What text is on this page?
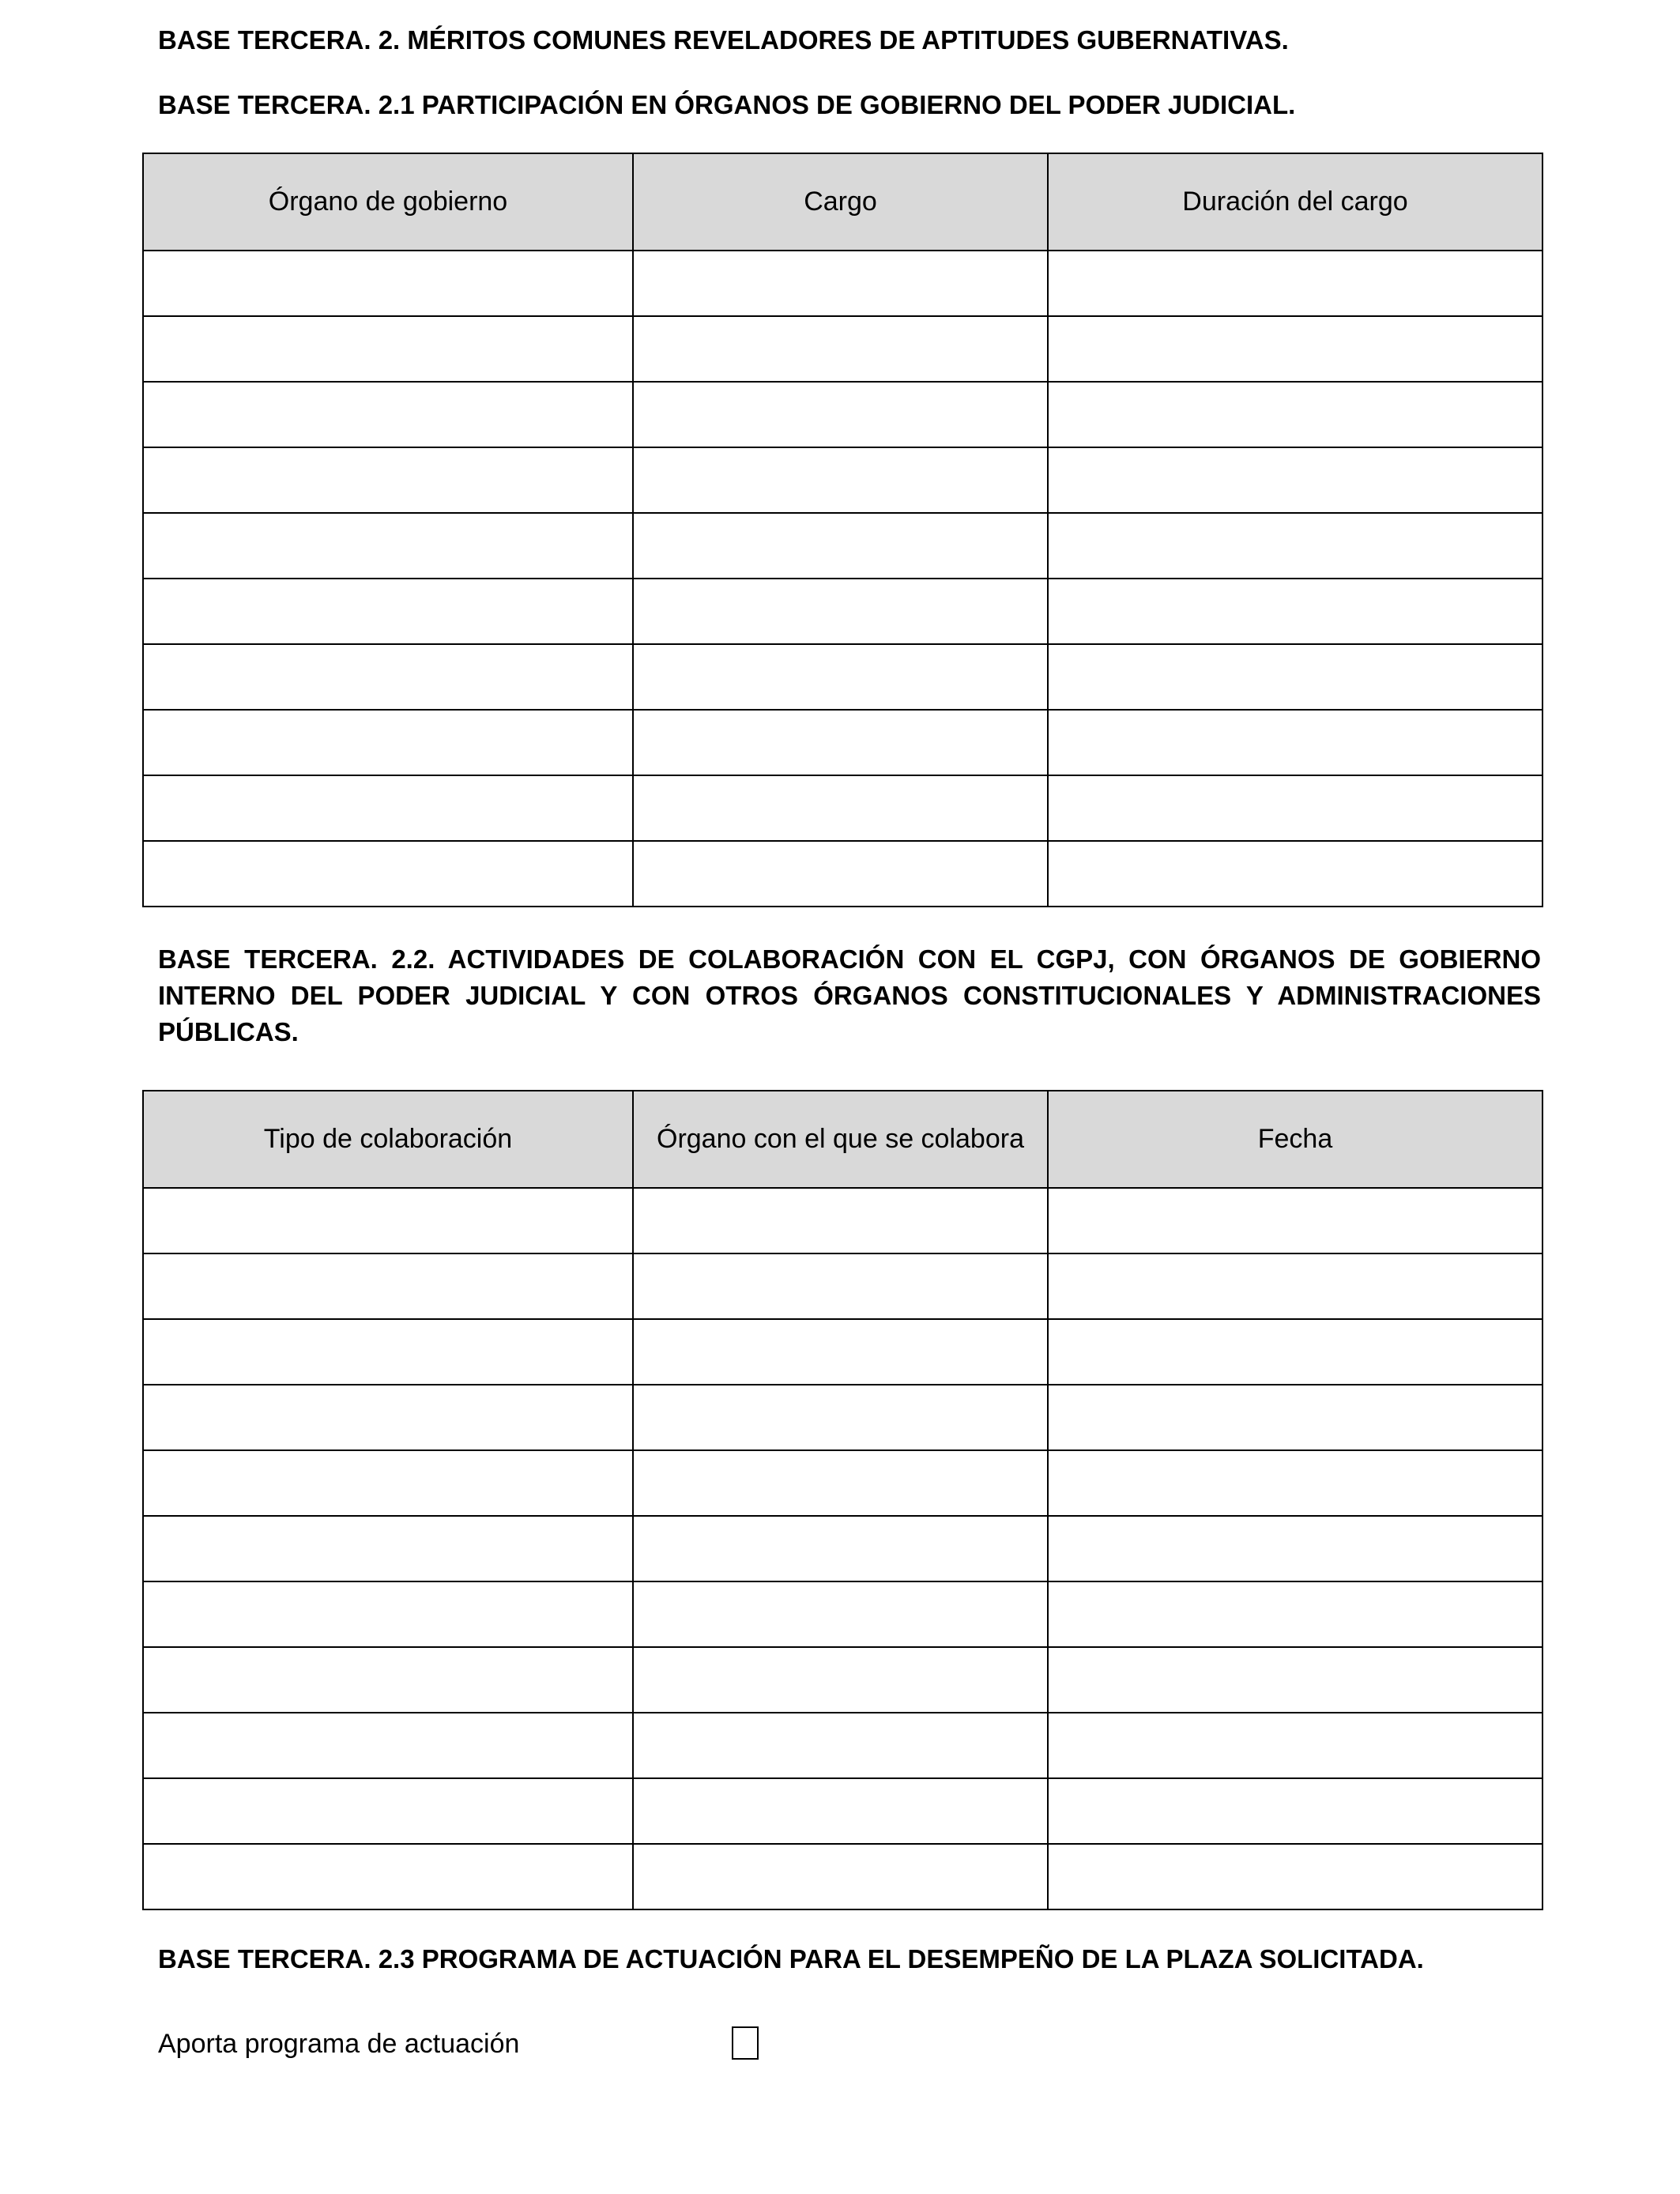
BASE TERCERA. 2. MÉRITOS COMUNES REVELADORES DE APTITUDES GUBERNATIVAS.

BASE TERCERA. 2.1 PARTICIPACIÓN EN ÓRGANOS DE GOBIERNO DEL PODER JUDICIAL.

Órgano de gobierno	Cargo	Duración del cargo

BASE TERCERA. 2.2. ACTIVIDADES DE COLABORACIÓN CON EL CGPJ, CON ÓRGANOS DE GOBIERNO INTERNO DEL PODER JUDICIAL Y CON OTROS ÓRGANOS CONSTITUCIONALES Y ADMINISTRACIONES PÚBLICAS.

Tipo de colaboración	Órgano con el que se colabora	Fecha

BASE TERCERA. 2.3 PROGRAMA DE ACTUACIÓN PARA EL DESEMPEÑO DE LA PLAZA SOLICITADA.

Aporta programa de actuación
